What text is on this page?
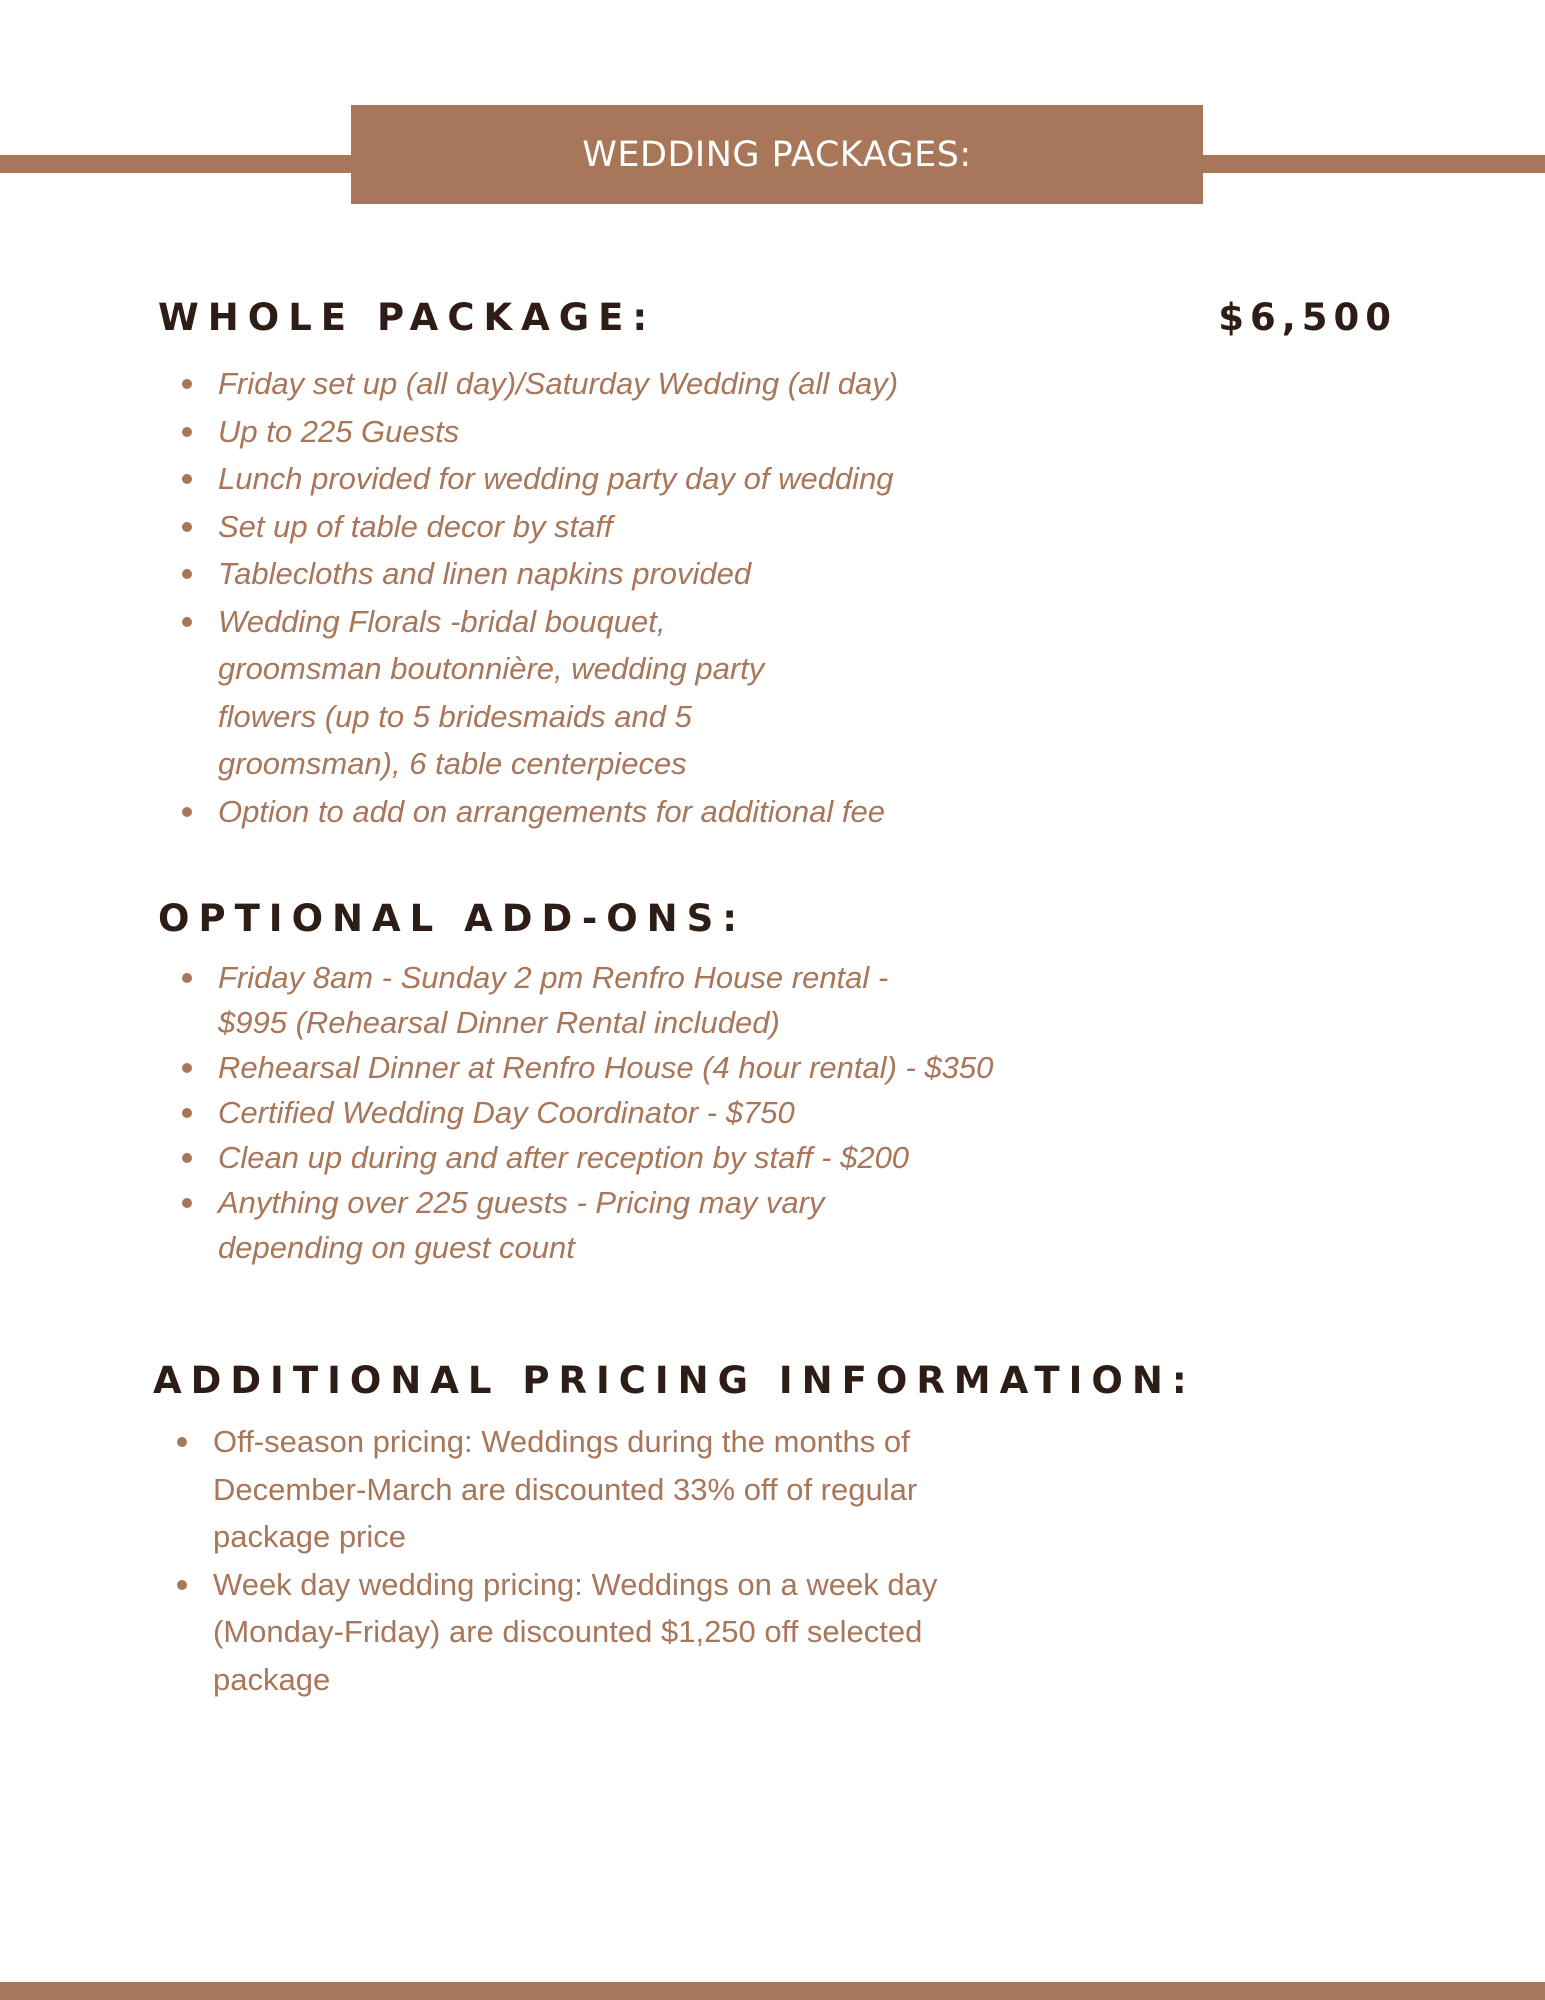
WEDDING PACKAGES:
WHOLE PACKAGE:	$6,500
Friday set up (all day)/Saturday Wedding (all day)
Up to 225 Guests
Lunch provided for wedding party day of wedding
Set up of table decor by staff
Tablecloths and linen napkins provided
Wedding Florals -bridal bouquet, groomsman boutonnière, wedding party flowers (up to 5 bridesmaids and 5 groomsman), 6 table centerpieces
Option to add on arrangements for additional fee
OPTIONAL ADD-ONS:
Friday 8am - Sunday 2 pm Renfro House rental - $995 (Rehearsal Dinner Rental included)
Rehearsal Dinner at Renfro House (4 hour rental) - $350
Certified Wedding Day Coordinator - $750
Clean up during and after reception by staff - $200
Anything over 225 guests - Pricing may vary depending on guest count
ADDITIONAL PRICING INFORMATION:
Off-season pricing: Weddings during the months of December-March are discounted 33% off of regular package price
Week day wedding pricing: Weddings on a week day (Monday-Friday) are discounted $1,250 off selected package
